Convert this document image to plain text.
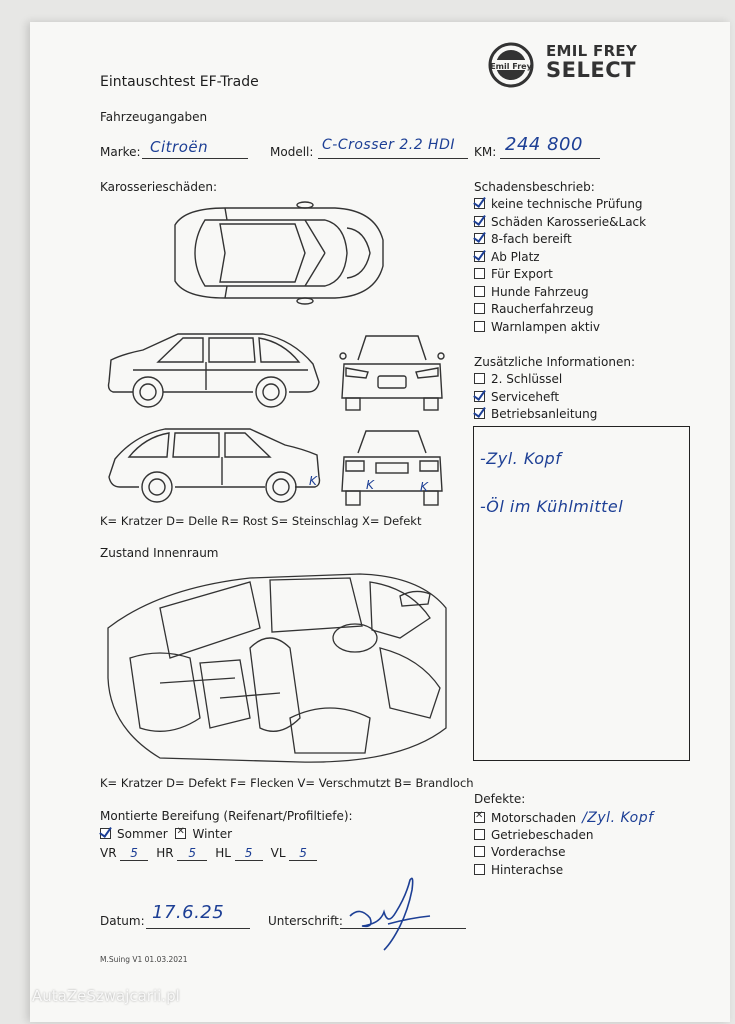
Emil Frey
EMIL FREY
SELECT
Eintauschtest EF-Trade
Fahrzeugangaben
Marke: Citroën	Modell: C-Crosser 2.2 HDI KM: 244 800
Karosserieschäden:
K	K	K
K= Kratzer D= Delle R= Rost S= Steinschlag X= Defekt
Schadensbeschrieb:
keine technische Prüfung
Schäden Karosserie&Lack
8-fach bereift
Ab Platz
Für Export
Hunde Fahrzeug
Raucherfahrzeug
Warnlampen aktiv
Zusätzliche Informationen:
2. Schlüssel
Serviceheft
Betriebsanleitung
-Zyl. Kopf
-Öl im Kühlmittel
Zustand Innenraum
K= Kratzer D= Defekt F= Flecken V= Verschmutzt B= Brandloch
Montierte Bereifung (Reifenart/Profiltiefe):
Sommer ✕ Winter
VR 5 HR 5 HL 5 VL 5
Defekte:
✕Motorschaden /Zyl. Kopf
Getriebeschaden
Vorderachse
Hinterachse
Datum: 17.6.25	Unterschrift:
M.Suing V1 01.03.2021
AutaZeSzwajcarii.pl
